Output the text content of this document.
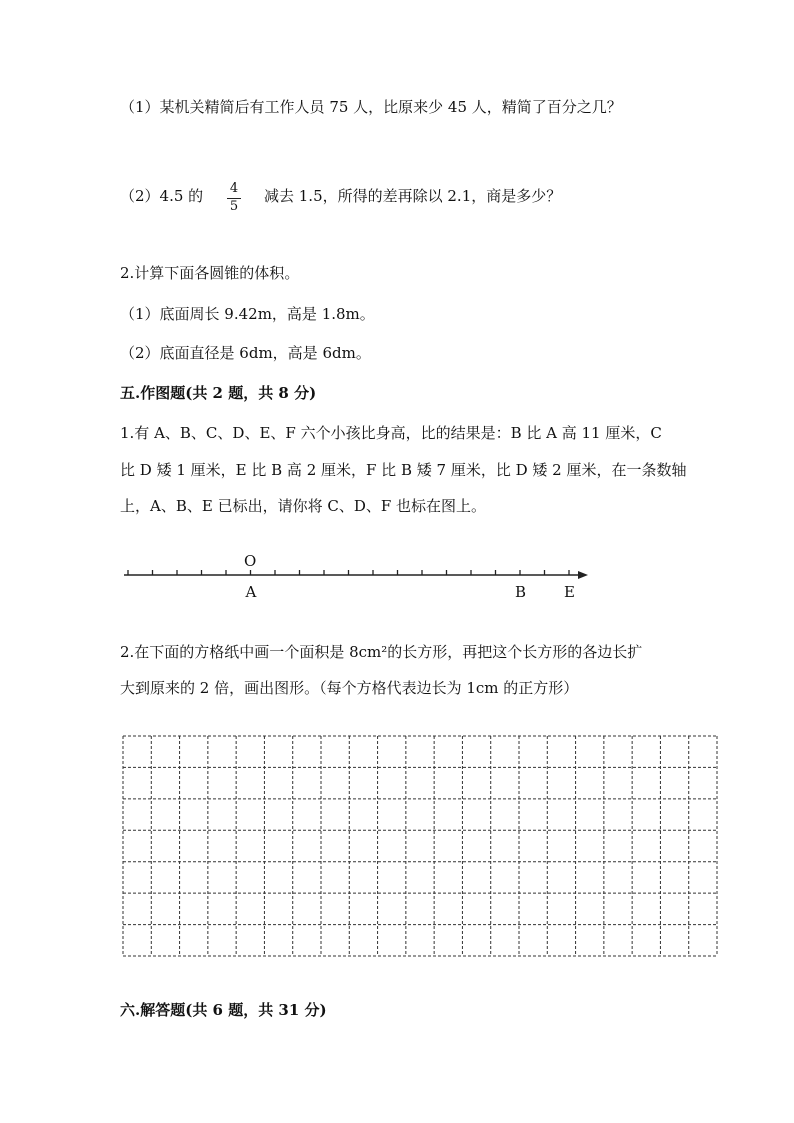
（1）某机关精简后有工作人员 75 人，比原来少 45 人，精简了百分之几？
（2）4.5 的 4
5
减去 1.5，所得的差再除以 2.1，商是多少？
2.计算下面各圆锥的体积。
（1）底面周长 9.42m，高是 1.8m。
（2）底面直径是 6dm，高是 6dm。
五.作图题(共 2 题，共 8 分)
1.有 A、B、C、D、E、F 六个小孩比身高，比的结果是：B 比 A 高 11 厘米，C
比 D 矮 1 厘米，E 比 B 高 2 厘米，F 比 B 矮 7 厘米，比 D 矮 2 厘米，在一条数轴
上，A、B、E 已标出，请你将 C、D、F 也标在图上。
O
A	B	E
2.在下面的方格纸中画一个面积是 8cm²的长方形，再把这个长方形的各边长扩
大到原来的 2 倍，画出图形。（每个方格代表边长为 1cm 的正方形）
六.解答题(共 6 题，共 31 分)
